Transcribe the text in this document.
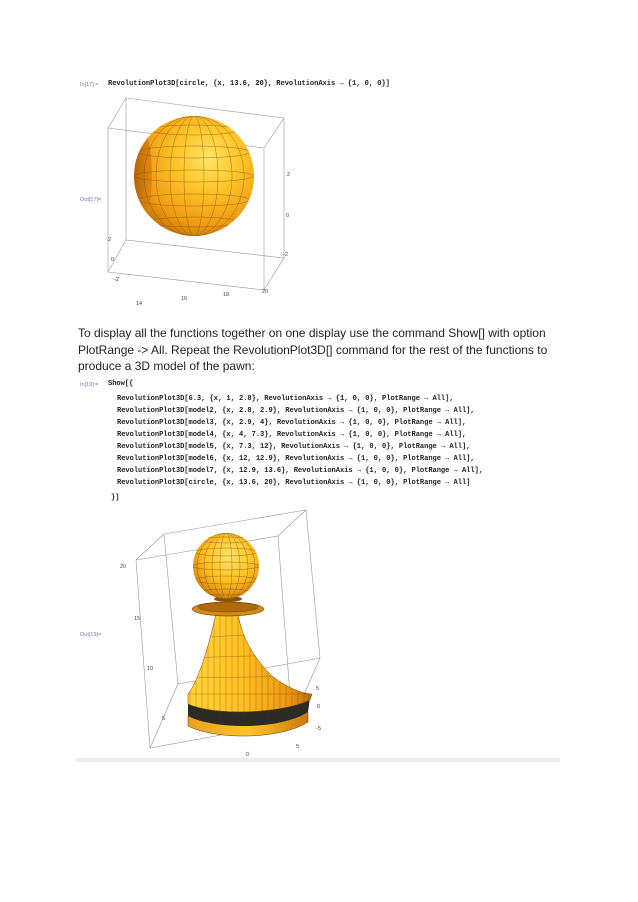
In[17]:= RevolutionPlot3D[circle, {x, 13.6, 20}, RevolutionAxis → {1, 0, 0}]
Out[17]=
2
0
-2
2
0
-2
14
16
18	20

To display all the functions together on one display use the command Show[] with option
PlotRange -> All. Repeat the RevolutionPlot3D[] command for the rest of the functions to
produce a 3D model of the pawn:

In[19]:= Show[{
RevolutionPlot3D[6.3, {x, 1, 2.8}, RevolutionAxis → {1, 0, 0}, PlotRange → All],
RevolutionPlot3D[model2, {x, 2.8, 2.9}, RevolutionAxis → {1, 0, 0}, PlotRange → All],
RevolutionPlot3D[model3, {x, 2.9, 4}, RevolutionAxis → {1, 0, 0}, PlotRange → All],
RevolutionPlot3D[model4, {x, 4, 7.3}, RevolutionAxis → {1, 0, 0}, PlotRange → All],
RevolutionPlot3D[model5, {x, 7.3, 12}, RevolutionAxis → {1, 0, 0}, PlotRange → All],
RevolutionPlot3D[model6, {x, 12, 12.9}, RevolutionAxis → {1, 0, 0}, PlotRange → All],
RevolutionPlot3D[model7, {x, 12.9, 13.6}, RevolutionAxis → {1, 0, 0}, PlotRange → All],
RevolutionPlot3D[circle, {x, 13.6, 20}, RevolutionAxis → {1, 0, 0}, PlotRange → All]
}]
Out[19]=
20
15
10
5
5
0
-5
0
5
